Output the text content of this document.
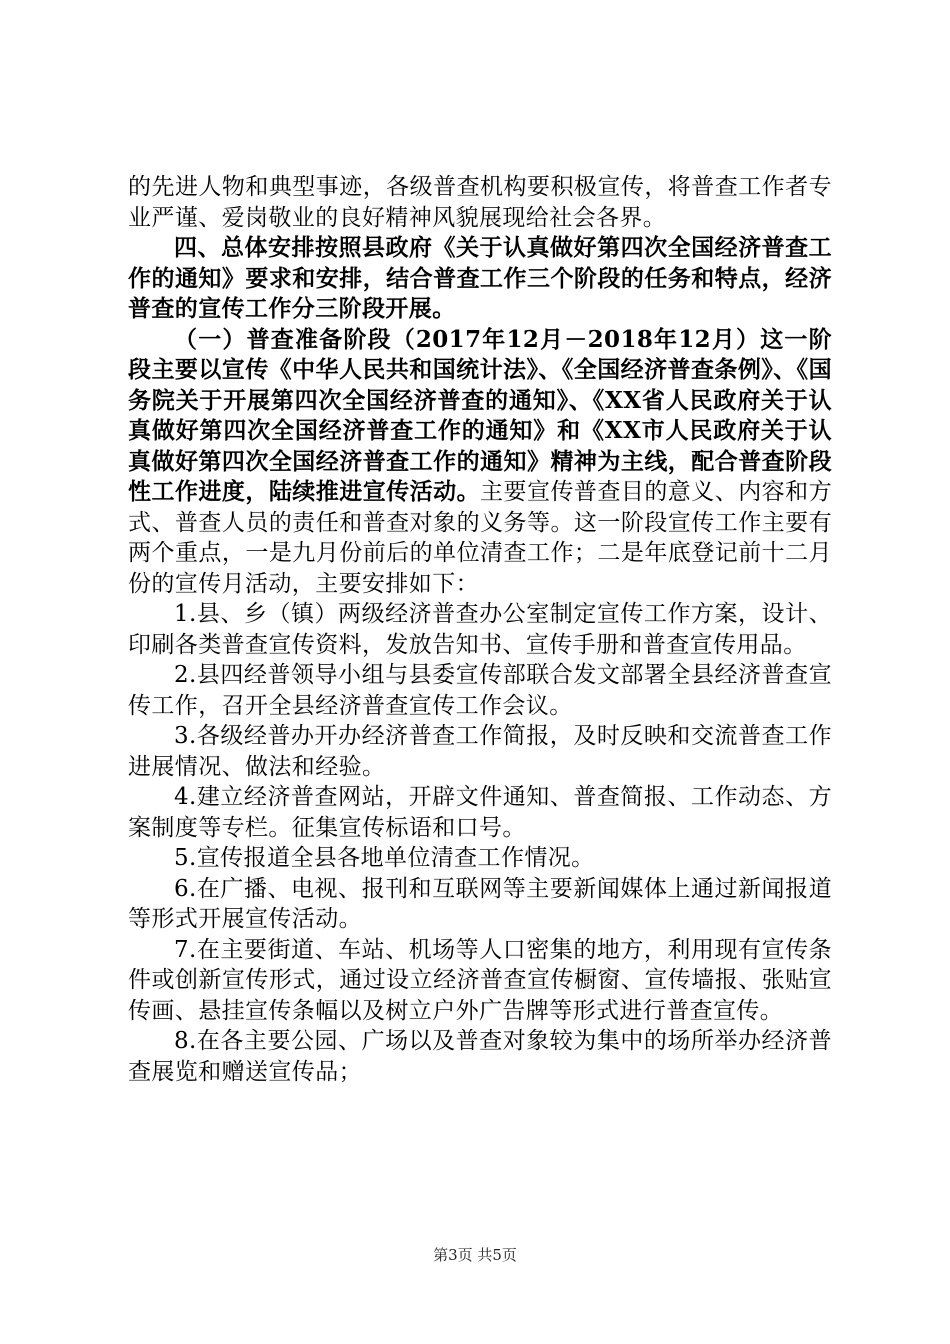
的先进人物和典型事迹，各级普查机构要积极宣传，将普查工作者专业严谨、爱岗敬业的良好精神风貌展现给社会各界。

四、总体安排按照县政府《关于认真做好第四次全国经济普查工作的通知》要求和安排，结合普查工作三个阶段的任务和特点，经济普查的宣传工作分三阶段开展。

（一）普查准备阶段（2017年12月－2018年12月）这一阶段主要以宣传《中华人民共和国统计法》、《全国经济普查条例》、《国务院关于开展第四次全国经济普查的通知》、《XX省人民政府关于认真做好第四次全国经济普查工作的通知》和《XX市人民政府关于认真做好第四次全国经济普查工作的通知》精神为主线，配合普查阶段性工作进度，陆续推进宣传活动。主要宣传普查目的意义、内容和方式、普查人员的责任和普查对象的义务等。这一阶段宣传工作主要有两个重点，一是九月份前后的单位清查工作；二是年底登记前十二月份的宣传月活动，主要安排如下：

1.县、乡（镇）两级经济普查办公室制定宣传工作方案，设计、印刷各类普查宣传资料，发放告知书、宣传手册和普查宣传用品。

2.县四经普领导小组与县委宣传部联合发文部署全县经济普查宣传工作，召开全县经济普查宣传工作会议。

3.各级经普办开办经济普查工作简报，及时反映和交流普查工作进展情况、做法和经验。

4.建立经济普查网站，开辟文件通知、普查简报、工作动态、方案制度等专栏。征集宣传标语和口号。

5.宣传报道全县各地单位清查工作情况。

6.在广播、电视、报刊和互联网等主要新闻媒体上通过新闻报道等形式开展宣传活动。

7.在主要街道、车站、机场等人口密集的地方，利用现有宣传条件或创新宣传形式，通过设立经济普查宣传橱窗、宣传墙报、张贴宣传画、悬挂宣传条幅以及树立户外广告牌等形式进行普查宣传。

8.在各主要公园、广场以及普查对象较为集中的场所举办经济普查展览和赠送宣传品；

第3页 共5页
